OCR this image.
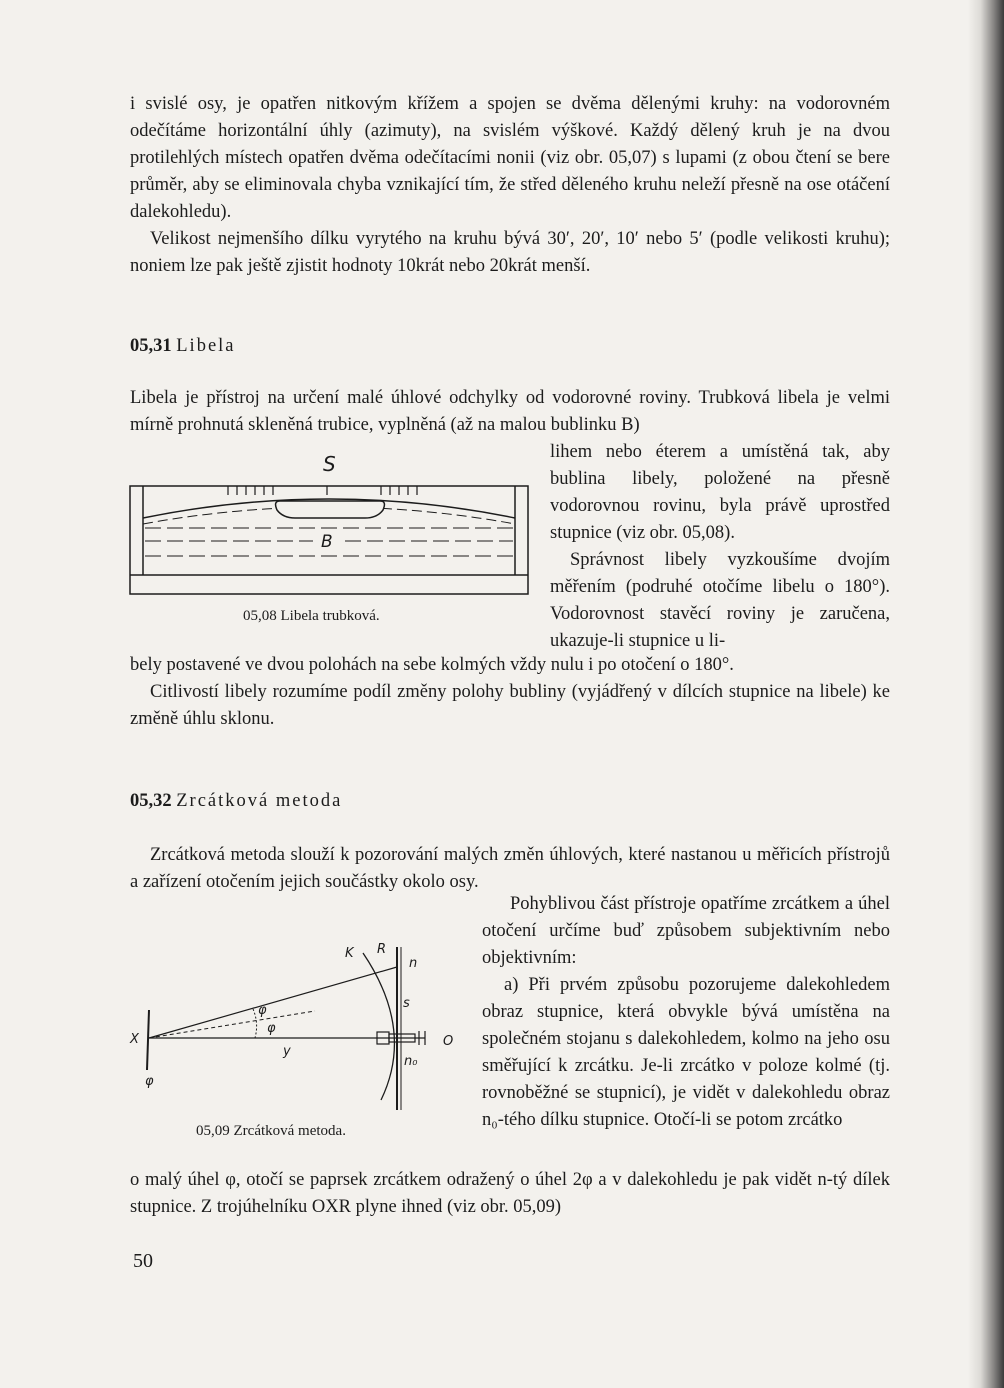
i svislé osy, je opatřen nitkovým křížem a spojen se dvěma dělenými kruhy: na vodorovném odečítáme horizontální úhly (azimuty), na svislém výškové. Každý dělený kruh je na dvou protilehlých místech opatřen dvěma odečítacími nonii (viz obr. 05,07) s lupami (z obou čtení se bere průměr, aby se eliminovala chyba vznikající tím, že střed děleného kruhu neleží přesně na ose otáčení dalekohledu).

Velikost nejmenšího dílku vyrytého na kruhu bývá 30′, 20′, 10′ nebo 5′ (podle velikosti kruhu); noniem lze pak ještě zjistit hodnoty 10krát nebo 20krát menší.

05,31 Libela

Libela je přístroj na určení malé úhlové odchylky od vodorovné roviny. Trubková libela je velmi mírně prohnutá skleněná trubice, vyplněná (až na malou bublinku B)

S
B
05,08 Libela trubková.

lihem nebo éterem a umístěná tak, aby bublina libely, položené na přesně vodorovnou rovinu, byla právě uprostřed stupnice (viz obr. 05,08).

Správnost libely vyzkoušíme dvojím měřením (podruhé otočíme libelu o 180°). Vodorovnost stavěcí roviny je zaručena, ukazuje-li stupnice u li-

bely postavené ve dvou polohách na sebe kolmých vždy nulu i po otočení o 180°.

Citlivostí libely rozumíme podíl změny polohy bubliny (vyjádřený v dílcích stupnice na libele) ke změně úhlu sklonu.

05,32 Zrcátková metoda

Zrcátková metoda slouží k pozorování malých změn úhlových, které nastanou u měřicích přístrojů a zařízení otočením jejich součástky okolo osy.

K R
n
s
O
n₀
X
y
φ
φ
φ
05,09 Zrcátková metoda.

Pohyblivou část přístroje opatříme zrcátkem a úhel otočení určíme buď způsobem subjektivním nebo objektivním:

a) Při prvém způsobu pozorujeme dalekohledem obraz stupnice, která obvykle bývá umístěna na společném stojanu s dalekohledem, kolmo na jeho osu směřující k zrcátku. Je-li zrcátko v poloze kolmé (tj. rovnoběžné se stupnicí), je vidět v dalekohledu obraz n₀-tého dílku stupnice. Otočí-li se potom zrcátko

o malý úhel φ, otočí se paprsek zrcátkem odražený o úhel 2φ a v dalekohledu je pak vidět n-tý dílek stupnice. Z trojúhelníku OXR plyne ihned (viz obr. 05,09)

50
